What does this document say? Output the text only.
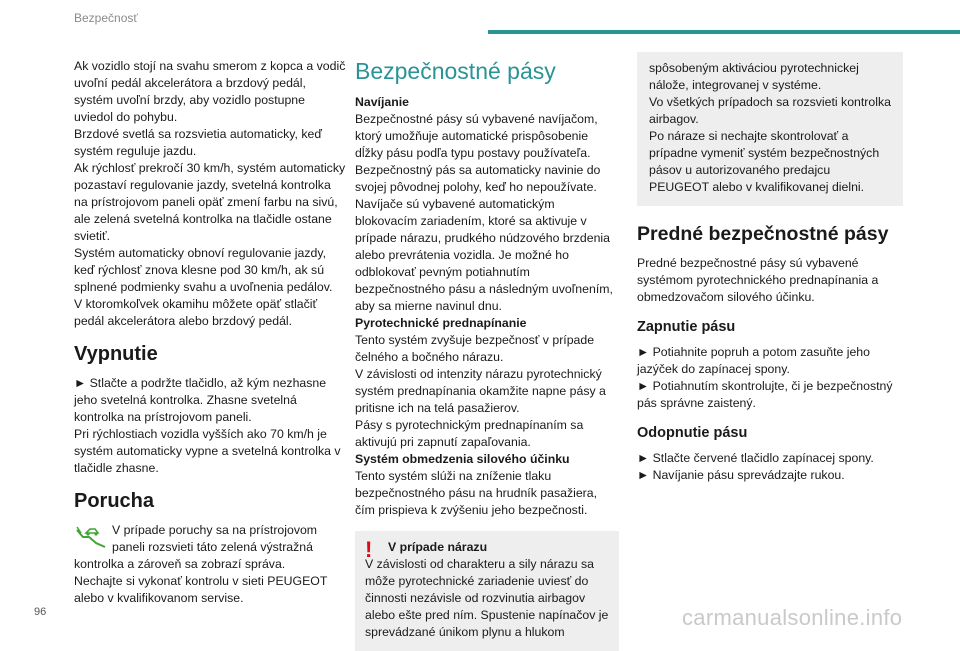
Bezpečnosť

Ak vozidlo stojí na svahu smerom z kopca a vodič uvoľní pedál akcelerátora a brzdový pedál, systém uvoľní brzdy, aby vozidlo postupne uviedol do pohybu.

Brzdové svetlá sa rozsvietia automaticky, keď systém reguluje jazdu.

Ak rýchlosť prekročí 30 km/h, systém automaticky pozastaví regulovanie jazdy, svetelná kontrolka na prístrojovom paneli opäť zmení farbu na sivú, ale zelená svetelná kontrolka na tlačidle ostane svietiť.

Systém automaticky obnoví regulovanie jazdy, keď rýchlosť znova klesne pod 30 km/h, ak sú splnené podmienky svahu a uvoľnenia pedálov.

V ktoromkoľvek okamihu môžete opäť stlačiť pedál akcelerátora alebo brzdový pedál.

Vypnutie

► Stlačte a podržte tlačidlo, až kým nezhasne jeho svetelná kontrolka. Zhasne svetelná kontrolka na prístrojovom paneli.

Pri rýchlostiach vozidla vyšších ako 70 km/h je systém automaticky vypne a svetelná kontrolka v tlačidle zhasne.

Porucha

V prípade poruchy sa na prístrojovom paneli rozsvieti táto zelená výstražná kontrolka a zároveň sa zobrazí správa.

Nechajte si vykonať kontrolu v sieti PEUGEOT alebo v kvalifikovanom servise.

Bezpečnostné pásy

Navíjanie

Bezpečnostné pásy sú vybavené navíjačom, ktorý umožňuje automatické prispôsobenie dĺžky pásu podľa typu postavy používateľa.

Bezpečnostný pás sa automaticky navinie do svojej pôvodnej polohy, keď ho nepoužívate.

Navíjače sú vybavené automatickým blokovacím zariadením, ktoré sa aktivuje v prípade nárazu, prudkého núdzového brzdenia alebo prevrátenia vozidla. Je možné ho odblokovať pevným potiahnutím bezpečnostného pásu a následným uvoľnením, aby sa mierne navinul dnu.

Pyrotechnické prednapínanie

Tento systém zvyšuje bezpečnosť v prípade čelného a bočného nárazu.

V závislosti od intenzity nárazu pyrotechnický systém prednapínania okamžite napne pásy a pritisne ich na telá pasažierov.

Pásy s pyrotechnickým prednapínaním sa aktivujú pri zapnutí zapaľovania.

Systém obmedzenia silového účinku

Tento systém slúži na zníženie tlaku bezpečnostného pásu na hrudník pasažiera, čím prispieva k zvýšeniu jeho bezpečnosti.

! V prípade nárazu

V závislosti od charakteru a sily nárazu sa môže pyrotechnické zariadenie uviesť do činnosti nezávisle od rozvinutia airbagov alebo ešte pred ním. Spustenie napínačov je sprevádzané únikom plynu a hlukom

spôsobeným aktiváciou pyrotechnickej nálože, integrovanej v systéme.

Vo všetkých prípadoch sa rozsvieti kontrolka airbagov.

Po náraze si nechajte skontrolovať a prípadne vymeniť systém bezpečnostných pásov u autorizovaného predajcu PEUGEOT alebo v kvalifikovanej dielni.

Predné bezpečnostné pásy

Predné bezpečnostné pásy sú vybavené systémom pyrotechnického prednapínania a obmedzovačom silového účinku.

Zapnutie pásu

► Potiahnite popruh a potom zasuňte jeho jazýček do zapínacej spony.

► Potiahnutím skontrolujte, či je bezpečnostný pás správne zaistený.

Odopnutie pásu

► Stlačte červené tlačidlo zapínacej spony.

► Navíjanie pásu sprevádzajte rukou.

96	carmanualsonline.info
